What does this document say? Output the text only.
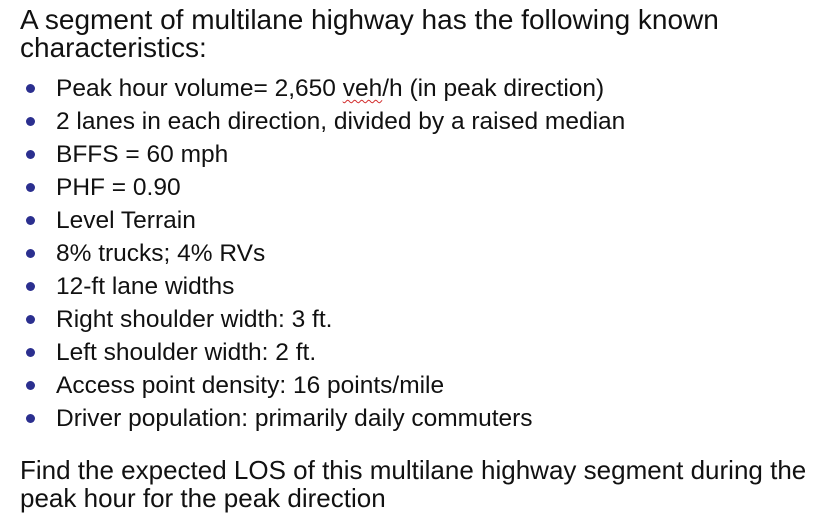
A segment of multilane highway has the following known characteristics:

Peak hour volume= 2,650 veh/h (in peak direction)
2 lanes in each direction, divided by a raised median
BFFS = 60 mph
PHF = 0.90
Level Terrain
8% trucks; 4% RVs
12-ft lane widths
Right shoulder width: 3 ft.
Left shoulder width: 2 ft.
Access point density: 16 points/mile
Driver population: primarily daily commuters

Find the expected LOS of this multilane highway segment during the peak hour for the peak direction
